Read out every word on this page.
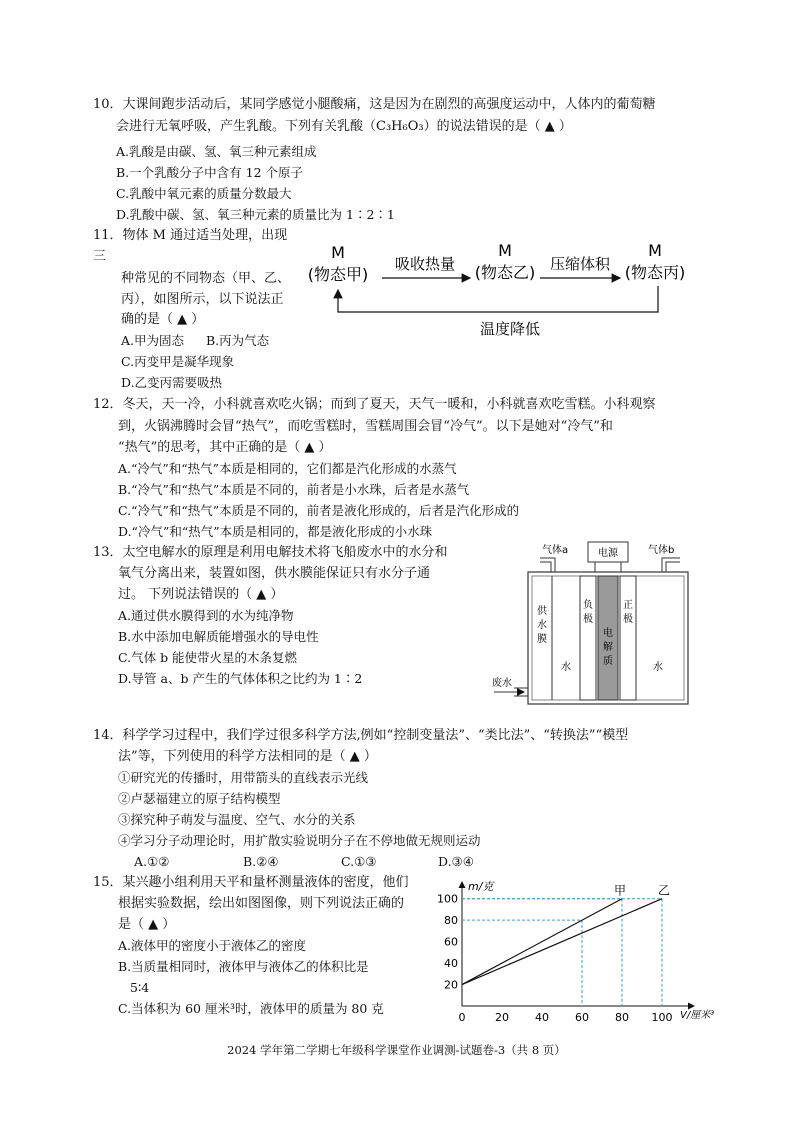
10．大课间跑步活动后，某同学感觉小腿酸痛，这是因为在剧烈的高强度运动中，人体内的葡萄糖
会进行无氧呼吸，产生乳酸。下列有关乳酸（C₃H₆O₃）的说法错误的是（ ▲ ）
A.乳酸是由碳、氢、氧三种元素组成
B.一个乳酸分子中含有 12 个原子
C.乳酸中氧元素的质量分数最大
D.乳酸中碳、氢、氧三种元素的质量比为 1∶2∶1
11．物体 M 通过适当处理，出现
三
种常见的不同物态（甲、乙、
丙），如图所示，以下说法正
确的是（ ▲ ）
A.甲为固态 B.丙为气态
C.丙变甲是凝华现象
D.乙变丙需要吸热
M
(物态甲)
M
(物态乙)
M
(物态丙)
吸收热量	压缩体积
温度降低
12．冬天，天一冷，小科就喜欢吃火锅；而到了夏天，天气一暖和，小科就喜欢吃雪糕。小科观察
到，火锅沸腾时会冒“热气”，而吃雪糕时，雪糕周围会冒“冷气”。以下是她对“冷气”和
“热气”的思考，其中正确的是（ ▲ ）
A.“冷气”和“热气”本质是相同的，它们都是汽化形成的水蒸气
B.“冷气”和“热气”本质是不同的，前者是小水珠，后者是水蒸气
C.“冷气”和“热气”本质是不同的，前者是液化形成的，后者是汽化形成的
D.“冷气”和“热气”本质是相同的，都是液化形成的小水珠
13．太空电解水的原理是利用电解技术将飞船废水中的水分和
氧气分离出来，装置如图，供水膜能保证只有水分子通
过。 下列说法错误的（ ▲ ）
A.通过供水膜得到的水为纯净物
B.水中添加电解质能增强水的导电性
C.气体 b 能使带火星的木条复燃
D.导管 a、b 产生的气体体积之比约为 1∶2
气体a	气体b
电源
供
水
膜
水
负
极
电
解
质
正
极
水
废水
14．科学学习过程中，我们学过很多科学方法,例如“控制变量法”、“类比法”、“转换法”“模型
法”等，下列使用的科学方法相同的是（ ▲ ）
①研究光的传播时，用带箭头的直线表示光线
②卢瑟福建立的原子结构模型
③探究种子萌发与温度、空气、水分的关系
④学习分子动理论时，用扩散实验说明分子在不停地做无规则运动
A.①②	B.②④	C.①③	D.③④
15．某兴趣小组利用天平和量杯测量液体的密度，他们
根据实验数据，绘出如图图像，则下列说法正确的
是（ ▲ ）
A.液体甲的密度小于液体乙的密度
B.当质量相同时，液体甲与液体乙的体积比是
5∶4
C.当体积为 60 厘米³时，液体甲的质量为 80 克
m/克
V/厘米³
0	20 40 60 80 100
20
40
60
80
100
甲	乙
2024 学年第二学期七年级科学课堂作业调测-试题卷-3（共 8 页）
